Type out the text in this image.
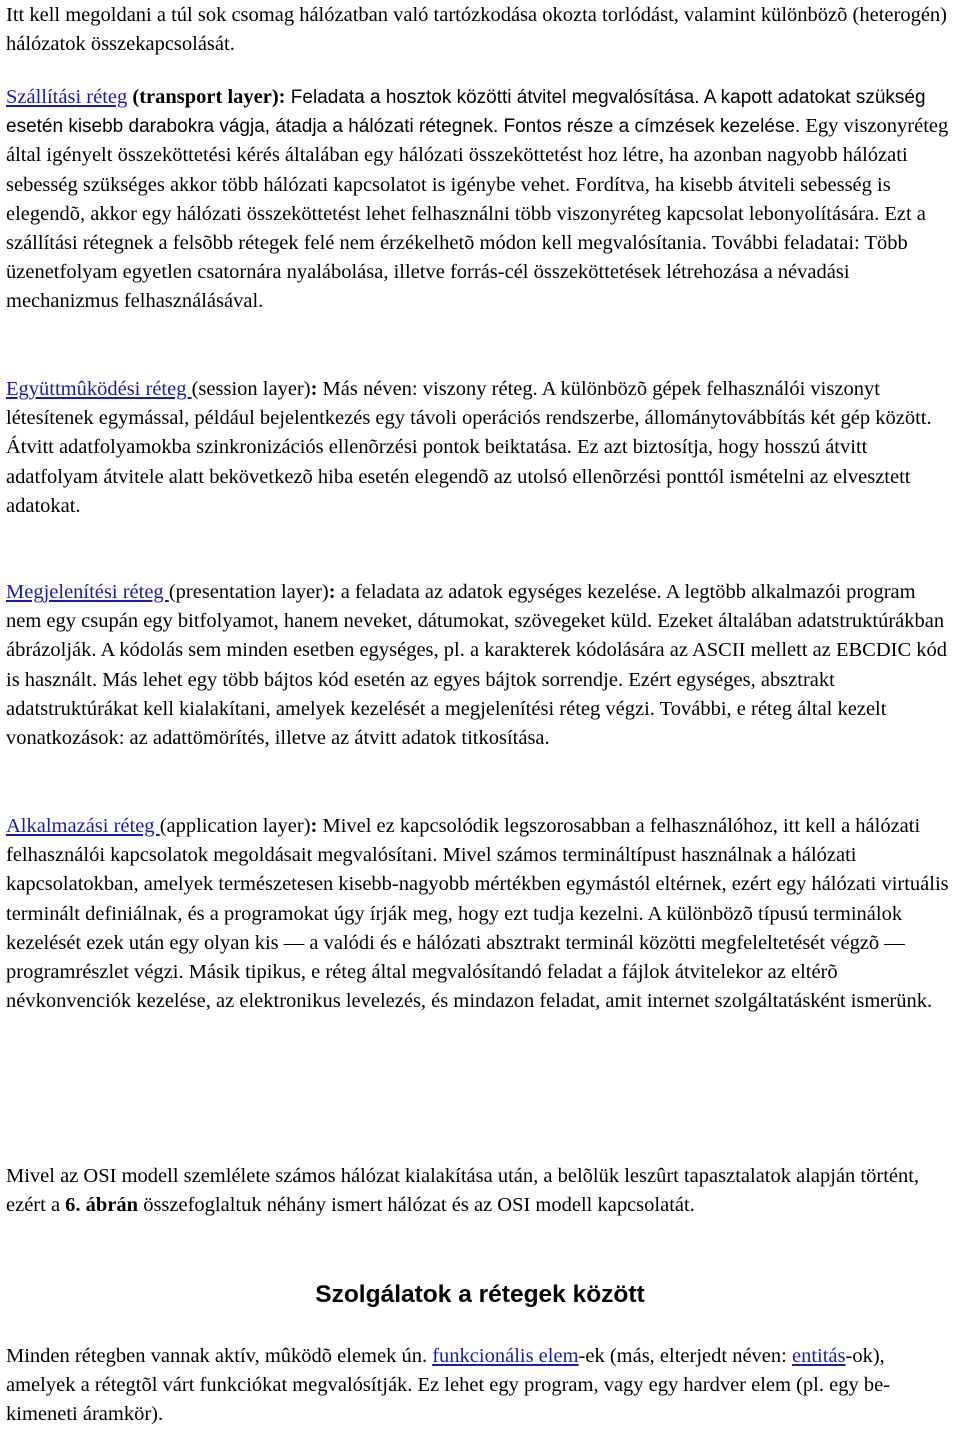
Itt kell megoldani a túl sok csomag hálózatban való tartózkodása okozta torlódást, valamint különbözõ (heterogén) hálózatok összekapcsolását.

Szállítási réteg (transport layer): Feladata a hosztok közötti átvitel megvalósítása. A kapott adatokat szükség esetén kisebb darabokra vágja, átadja a hálózati rétegnek. Fontos része a címzések kezelése. Egy viszonyréteg által igényelt összeköttetési kérés általában egy hálózati összeköttetést hoz létre, ha azonban nagyobb hálózati sebesség szükséges akkor több hálózati kapcsolatot is igénybe vehet. Fordítva, ha kisebb átviteli sebesség is elegendõ, akkor egy hálózati összeköttetést lehet felhasználni több viszonyréteg kapcsolat lebonyolítására. Ezt a szállítási rétegnek a felsõbb rétegek felé nem érzékelhetõ módon kell megvalósítania. További feladatai: Több üzenetfolyam egyetlen csatornára nyalábolása, illetve forrás-cél összeköttetések létrehozása a névadási mechanizmus felhasználásával.

Együttmûködési réteg (session layer): Más néven: viszony réteg. A különbözõ gépek felhasználói viszonyt létesítenek egymással, például bejelentkezés egy távoli operációs rendszerbe, állománytovábbítás két gép között. Átvitt adatfolyamokba szinkronizációs ellenõrzési pontok beiktatása. Ez azt biztosítja, hogy hosszú átvitt adatfolyam átvitele alatt bekövetkezõ hiba esetén elegendõ az utolsó ellenõrzési ponttól ismételni az elvesztett adatokat.

Megjelenítési réteg (presentation layer): a feladata az adatok egységes kezelése. A legtöbb alkalmazói program nem egy csupán egy bitfolyamot, hanem neveket, dátumokat, szövegeket küld. Ezeket általában adatstruktúrákban ábrázolják. A kódolás sem minden esetben egységes, pl. a karakterek kódolására az ASCII mellett az EBCDIC kód is használt. Más lehet egy több bájtos kód esetén az egyes bájtok sorrendje. Ezért egységes, absztrakt adatstruktúrákat kell kialakítani, amelyek kezelését a megjelenítési réteg végzi. További, e réteg által kezelt vonatkozások: az adattömörítés, illetve az átvitt adatok titkosítása.

Alkalmazási réteg (application layer): Mivel ez kapcsolódik legszorosabban a felhasználóhoz, itt kell a hálózati felhasználói kapcsolatok megoldásait megvalósítani. Mivel számos termináltípust használnak a hálózati kapcsolatokban, amelyek természetesen kisebb-nagyobb mértékben egymástól eltérnek, ezért egy hálózati virtuális terminált definiálnak, és a programokat úgy írják meg, hogy ezt tudja kezelni. A különbözõ típusú terminálok kezelését ezek után egy olyan kis — a valódi és e hálózati absztrakt terminál közötti megfeleltetését végzõ — programrészlet végzi. Másik tipikus, e réteg által megvalósítandó feladat a fájlok átvitelekor az eltérõ névkonvenciók kezelése, az elektronikus levelezés, és mindazon feladat, amit internet szolgáltatásként ismerünk.

Mivel az OSI modell szemlélete számos hálózat kialakítása után, a belõlük leszûrt tapasztalatok alapján történt, ezért a 6. ábrán összefoglaltuk néhány ismert hálózat és az OSI modell kapcsolatát.

Szolgálatok a rétegek között

Minden rétegben vannak aktív, mûködõ elemek ún. funkcionális elem-ek (más, elterjedt néven: entitás-ok), amelyek a rétegtõl várt funkciókat megvalósítják. Ez lehet egy program, vagy egy hardver elem (pl. egy be-kimeneti áramkör).
